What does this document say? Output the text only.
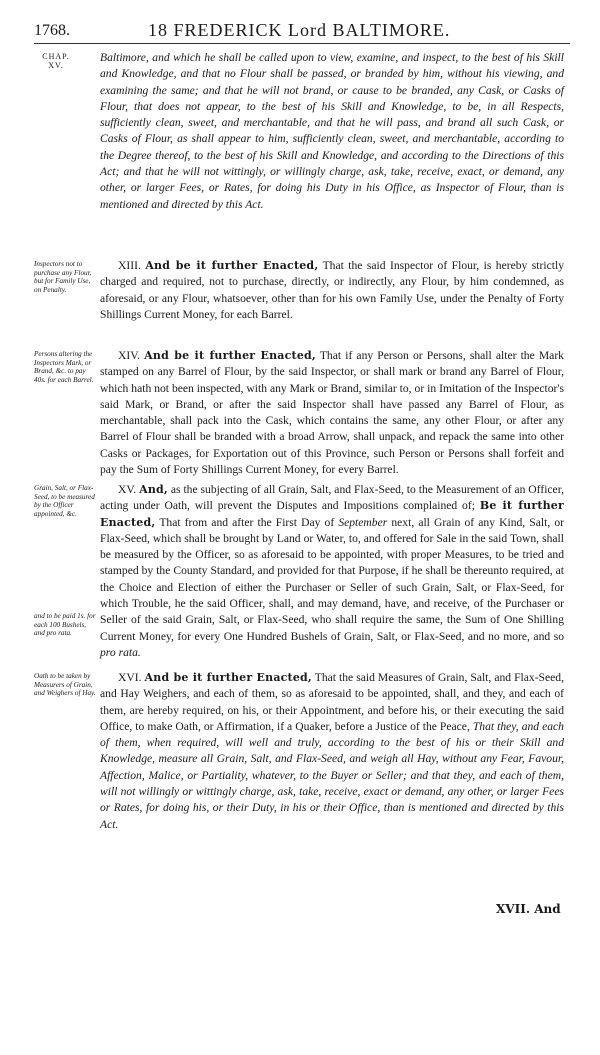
1768.	18 FREDERICK Lord BALTIMORE.
CHAP. XV.
Inspectors not to purchase any Flour, but for Family Use, on Penalty.
Persons altering the Inspectors Mark, or Brand, &c. to pay 40s. for each Barrel.
Grain, Salt, or Flax-Seed, to be measured by the Officer appointed, &c.
and to be paid 1s. for each 100 Bushels, and pro rata.
Oath to be taken by Measurers of Grain, and Weighers of Hay.

Baltimore, and which he shall be called upon to view, examine, and inspect, to the best of his Skill and Knowledge, and that no Flour shall be passed, or branded by him, without his viewing, and examining the same; and that he will not brand, or cause to be branded, any Cask, or Casks of Flour, that does not appear, to the best of his Skill and Knowledge, to be, in all Respects, sufficiently clean, sweet, and merchantable, and that he will pass, and brand all such Cask, or Casks of Flour, as shall appear to him, sufficiently clean, sweet, and merchantable, according to the Degree thereof, to the best of his Skill and Knowledge, and according to the Directions of this Act; and that he will not wittingly, or willingly charge, ask, take, receive, exact, or demand, any other, or larger Fees, or Rates, for doing his Duty in his Office, as Inspector of Flour, than is mentioned and directed by this Act.

XIII. And be it further Enacted, That the said Inspector of Flour, is hereby strictly charged and required, not to purchase, directly, or indirectly, any Flour, by him condemned, as aforesaid, or any Flour, whatsoever, other than for his own Family Use, under the Penalty of Forty Shillings Current Money, for each Barrel.

XIV. And be it further Enacted, That if any Person or Persons, shall alter the Mark stamped on any Barrel of Flour, by the said Inspector, or shall mark or brand any Barrel of Flour, which hath not been inspected, with any Mark or Brand, similar to, or in Imitation of the Inspector's said Mark, or Brand, or after the said Inspector shall have passed any Barrel of Flour, as merchantable, shall pack into the Cask, which contains the same, any other Flour, or after any Barrel of Flour shall be branded with a broad Arrow, shall unpack, and repack the same into other Casks or Packages, for Exportation out of this Province, such Person or Persons shall forfeit and pay the Sum of Forty Shillings Current Money, for every Barrel.

XV. And, as the subjecting of all Grain, Salt, and Flax-Seed, to the Measurement of an Officer, acting under Oath, will prevent the Disputes and Impositions complained of; Be it further Enacted, That from and after the First Day of September next, all Grain of any Kind, Salt, or Flax-Seed, which shall be brought by Land or Water, to, and offered for Sale in the said Town, shall be measured by the Officer, so as aforesaid to be appointed, with proper Measures, to be tried and stamped by the County Standard, and provided for that Purpose, if he shall be thereunto required, at the Choice and Election of either the Purchaser or Seller of such Grain, Salt, or Flax-Seed, for which Trouble, he the said Officer, shall, and may demand, have, and receive, of the Purchaser or Seller of the said Grain, Salt, or Flax-Seed, who shall require the same, the Sum of One Shilling Current Money, for every One Hundred Bushels of Grain, Salt, or Flax-Seed, and no more, and so pro rata.

XVI. And be it further Enacted, That the said Measures of Grain, Salt, and Flax-Seed, and Hay Weighers, and each of them, so as aforesaid to be appointed, shall, and they, and each of them, are hereby required, on his, or their Appointment, and before his, or their executing the said Office, to make Oath, or Affirmation, if a Quaker, before a Justice of the Peace, That they, and each of them, when required, will well and truly, according to the best of his or their Skill and Knowledge, measure all Grain, Salt, and Flax-Seed, and weigh all Hay, without any Fear, Favour, Affection, Malice, or Partiality, whatever, to the Buyer or Seller; and that they, and each of them, will not willingly or wittingly charge, ask, take, receive, exact or demand, any other, or larger Fees or Rates, for doing his, or their Duty, in his or their Office, than is mentioned and directed by this Act.

XVII. And
